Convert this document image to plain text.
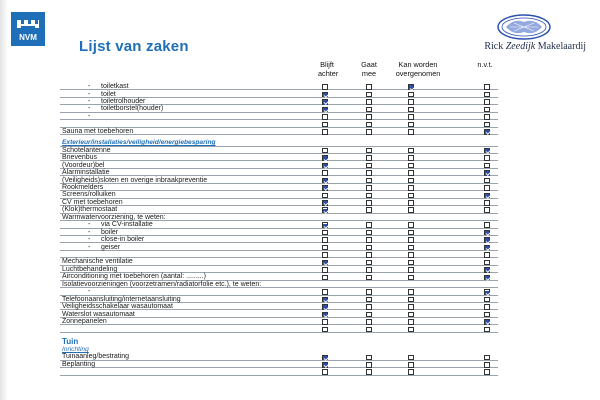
NVM
Rick Zeedijk Makelaardij
Lijst van zaken
Blijft
achter
Gaat
mee
Kan worden
overgenomen
n.v.t.
- toiletkast
- toilet
- toiletrolhouder
- toiletborstel(houder)
-
Sauna met toebehoren
Exterieur/installaties/veiligheid/energiebesparing
Schotelantenne
Brievenbus
(Voordeur)bel
Alarminstallatie
(Veiligheids)sloten en overige inbraakpreventie
Rookmelders
Screens/rolluiken
CV met toebehoren
(Klok)thermostaat
Warmwatervoorziening, te weten:
- via CV-installatie
- boiler
- close-in boiler
- geiser
Mechanische ventilatie
Luchtbehandeling
Airconditioning met toebehoren (aantal: .........)
Isolatievoorzieningen (voorzetramen/radiatorfolie etc.), te weten:
-
Telefoonaansluiting/internetaansluiting
Veiligheidsschakelaar wasautomaat
Waterslot wasautomaat
Zonnepanelen
Tuin
Inrichting
Tuinaanleg/bestrating
Beplanting
